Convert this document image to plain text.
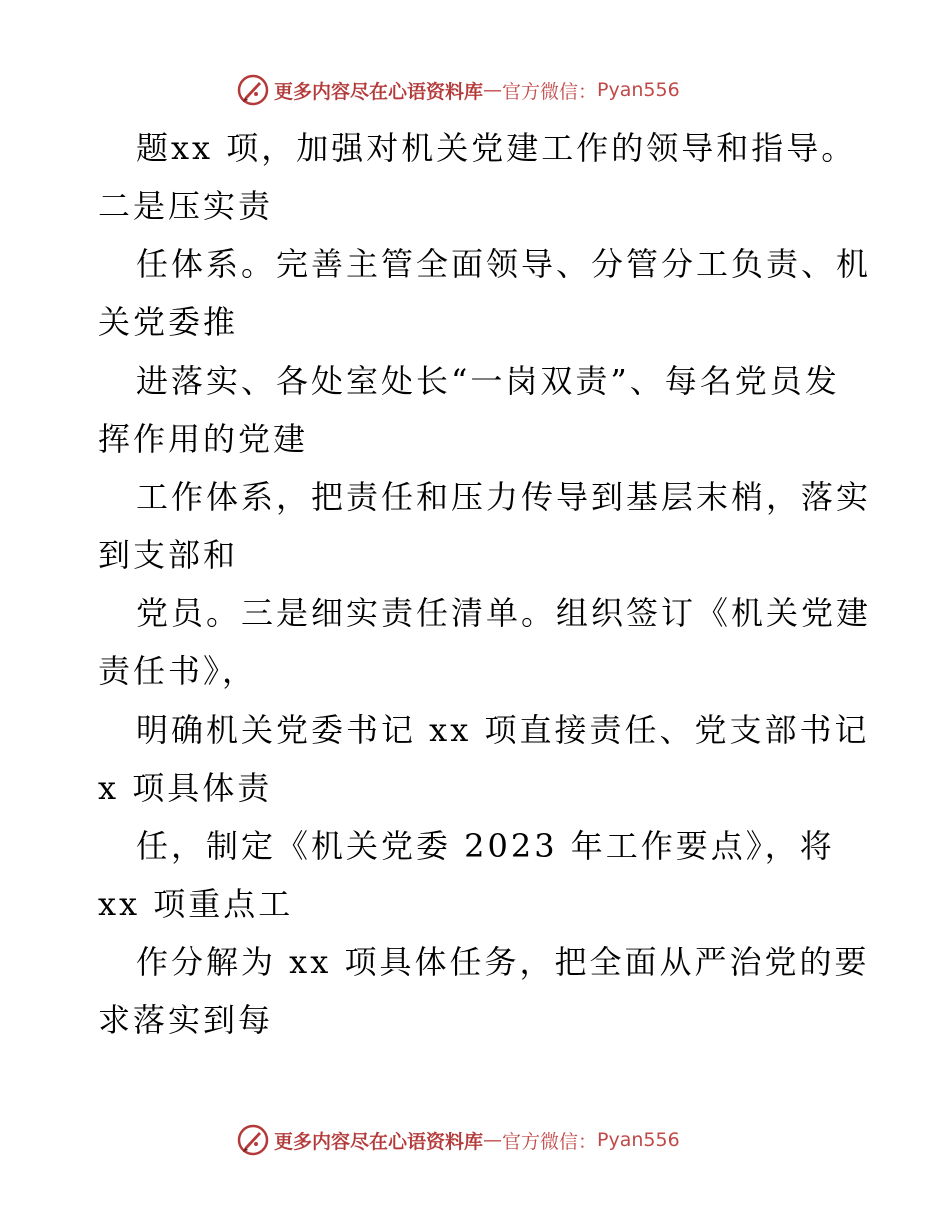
更多内容尽在心语资料库 — 官方微信： Pyan556
题xx 项，加强对机关党建工作的领导和指导。
二是压实责
任体系。完善主管全面领导、分管分工负责、机
关党委推
进落实、各处室处长“一岗双责”、每名党员发
挥作用的党建
工作体系，把责任和压力传导到基层末梢，落实
到支部和
党员。三是细实责任清单。组织签订《机关党建
责任书》，
明确机关党委书记 xx 项直接责任、党支部书记
x 项具体责
任，制定《机关党委 2023 年工作要点》，将
xx 项重点工
作分解为 xx 项具体任务，把全面从严治党的要
求落实到每
更多内容尽在心语资料库 — 官方微信： Pyan556
